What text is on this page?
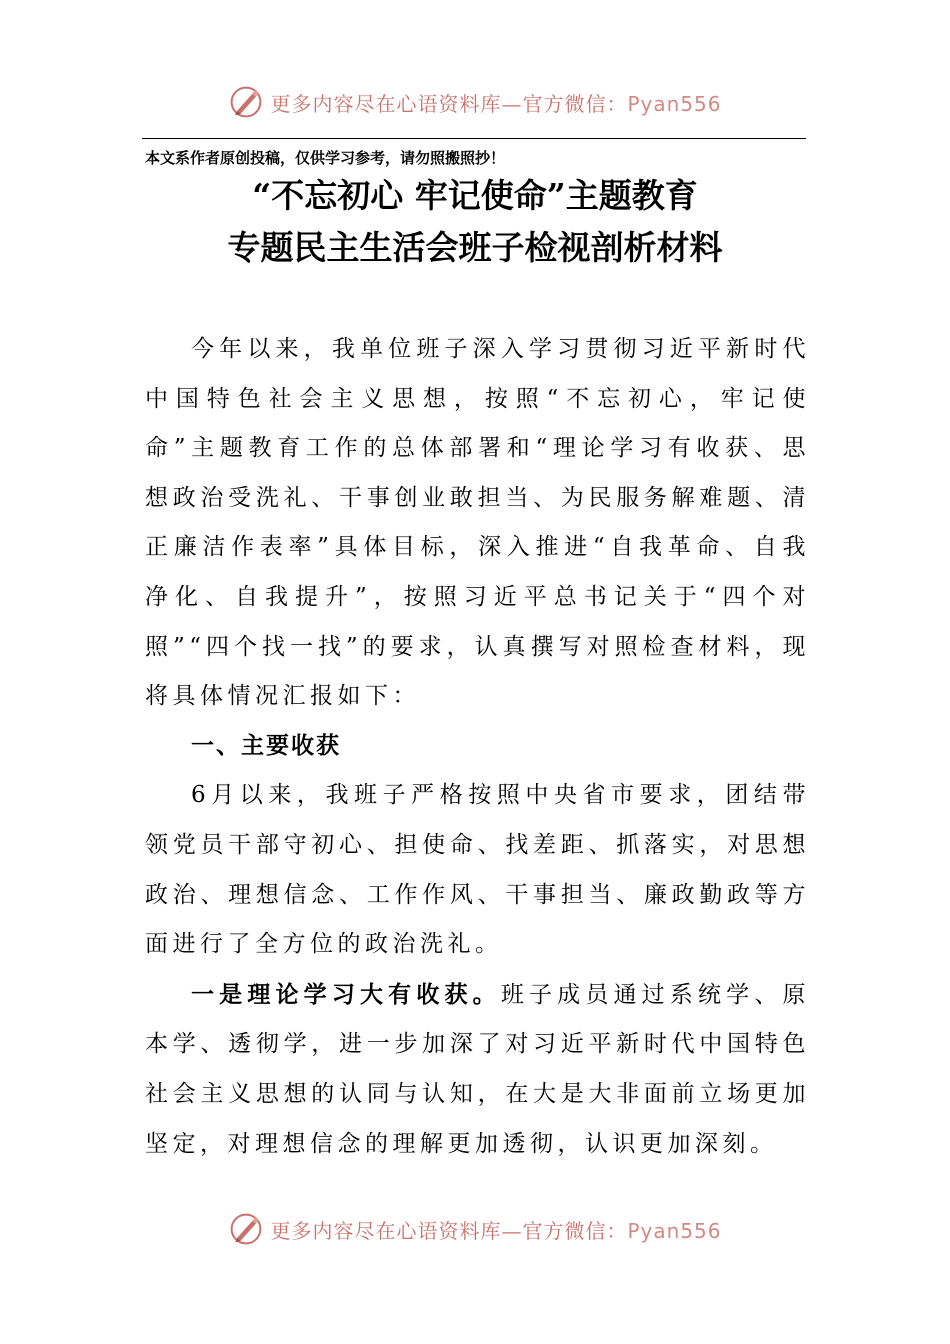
更多内容尽在心语资料库—官方微信：Pyan556
本文系作者原创投稿，仅供学习参考，请勿照搬照抄！
“不忘初心 牢记使命”主题教育
专题民主生活会班子检视剖析材料

今年以来，我单位班子深入学习贯彻习近平新时代中国特色社会主义思想，按照“不忘初心，牢记使命”主题教育工作的总体部署和“理论学习有收获、思想政治受洗礼、干事创业敢担当、为民服务解难题、清正廉洁作表率”具体目标，深入推进“自我革命、自我净化、自我提升”，按照习近平总书记关于“四个对照”“四个找一找”的要求，认真撰写对照检查材料，现将具体情况汇报如下：

一、主要收获

6月以来，我班子严格按照中央省市要求，团结带领党员干部守初心、担使命、找差距、抓落实，对思想政治、理想信念、工作作风、干事担当、廉政勤政等方面进行了全方位的政治洗礼。

一是理论学习大有收获。班子成员通过系统学、原本学、透彻学，进一步加深了对习近平新时代中国特色社会主义思想的认同与认知，在大是大非面前立场更加坚定，对理想信念的理解更加透彻，认识更加深刻。

更多内容尽在心语资料库—官方微信：Pyan556
